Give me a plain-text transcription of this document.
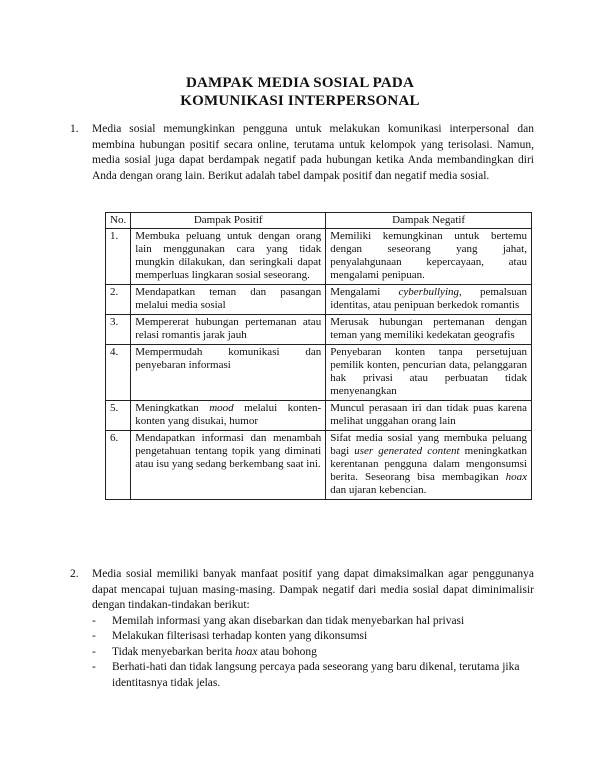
DAMPAK MEDIA SOSIAL PADA
KOMUNIKASI INTERPERSONAL
1. Media sosial memungkinkan pengguna untuk melakukan komunikasi interpersonal dan membina hubungan positif secara online, terutama untuk kelompok yang terisolasi. Namun, media sosial juga dapat berdampak negatif pada hubungan ketika Anda membandingkan diri Anda dengan orang lain. Berikut adalah tabel dampak positif dan negatif media sosial.
No.	Dampak Positif	Dampak Negatif
1.	Membuka peluang untuk dengan orang lain menggunakan cara yang tidak mungkin dilakukan, dan seringkali dapat memperluas lingkaran sosial seseorang.	Memiliki kemungkinan untuk bertemu dengan seseorang yang jahat, penyalahgunaan kepercayaan, atau mengalami penipuan.
2.	Mendapatkan teman dan pasangan melalui media sosial	Mengalami cyberbullying, pemalsuan identitas, atau penipuan berkedok romantis
3.	Mempererat hubungan pertemanan atau relasi romantis jarak jauh	Merusak hubungan pertemanan dengan teman yang memiliki kedekatan geografis
4.	Mempermudah komunikasi dan penyebaran informasi	Penyebaran konten tanpa persetujuan pemilik konten, pencurian data, pelanggaran hak privasi atau perbuatan tidak menyenangkan
5.	Meningkatkan mood melalui konten-konten yang disukai, humor	Muncul perasaan iri dan tidak puas karena melihat unggahan orang lain
6.	Mendapatkan informasi dan menambah pengetahuan tentang topik yang diminati atau isu yang sedang berkembang saat ini.	Sifat media sosial yang membuka peluang bagi user generated content meningkatkan kerentanan pengguna dalam mengonsumsi berita. Seseorang bisa membagikan hoax dan ujaran kebencian.
2. Media sosial memiliki banyak manfaat positif yang dapat dimaksimalkan agar penggunanya dapat mencapai tujuan masing-masing. Dampak negatif dari media sosial dapat diminimalisir dengan tindakan-tindakan berikut:
- Memilah informasi yang akan disebarkan dan tidak menyebarkan hal privasi
- Melakukan filterisasi terhadap konten yang dikonsumsi
- Tidak menyebarkan berita hoax atau bohong
- Berhati-hati dan tidak langsung percaya pada seseorang yang baru dikenal, terutama jika identitasnya tidak jelas.
